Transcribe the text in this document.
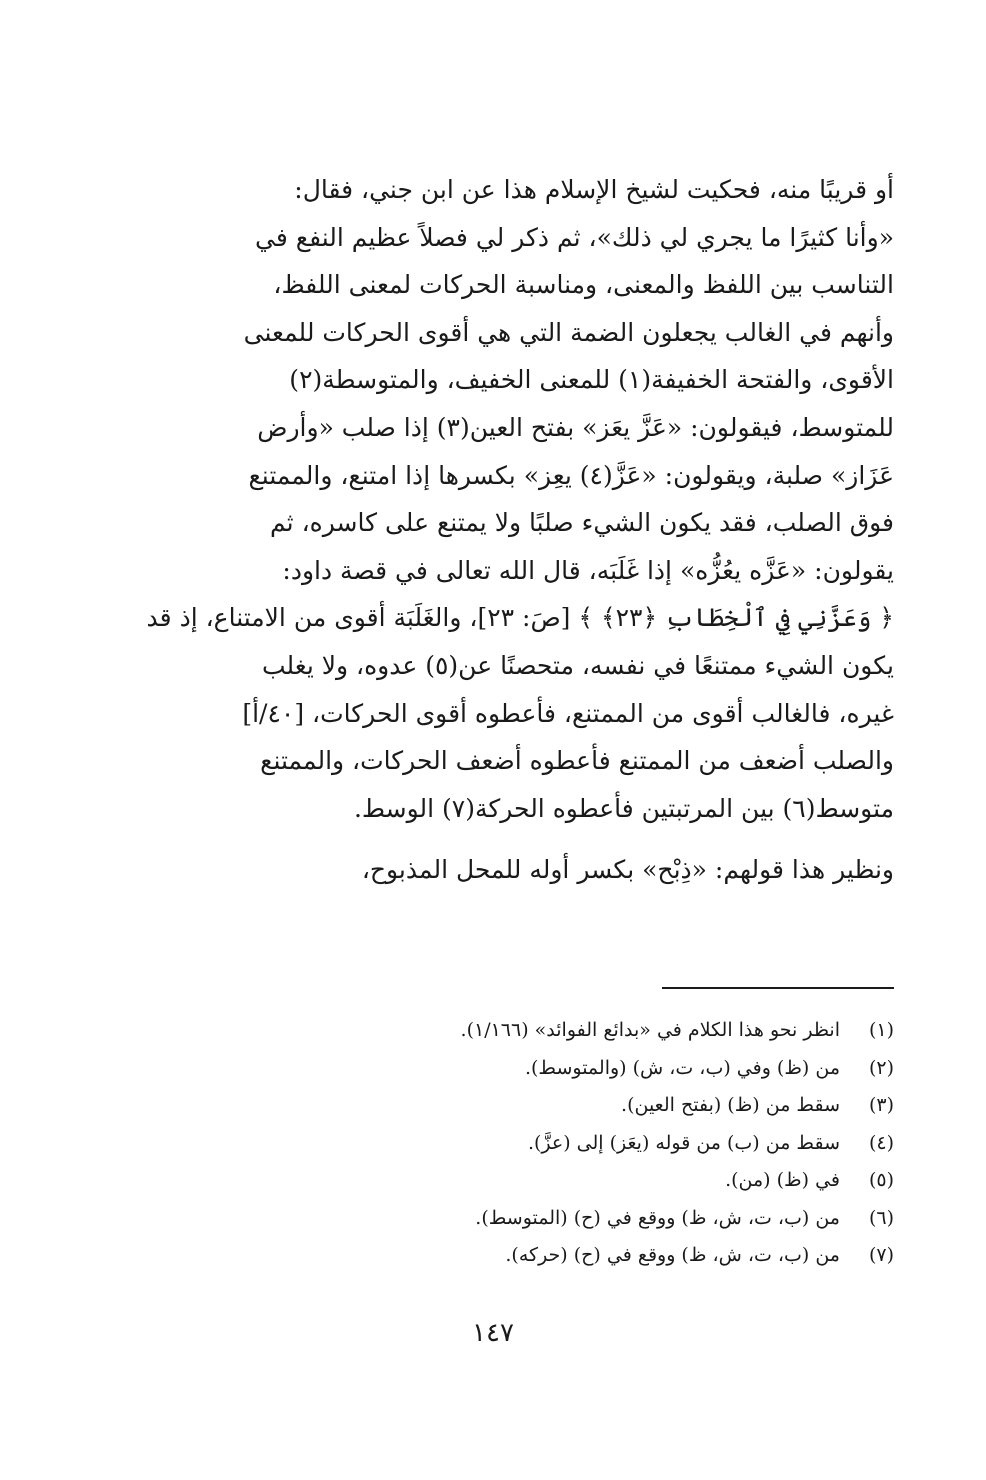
أو قريبًا منه، فحكيت لشيخ الإسلام هذا عن ابن جني، فقال:
«وأنا كثيرًا ما يجري لي ذلك»، ثم ذكر لي فصلاً عظيم النفع في
التناسب بين اللفظ والمعنى، ومناسبة الحركات لمعنى اللفظ،
وأنهم في الغالب يجعلون الضمة التي هي أقوى الحركات للمعنى
الأقوى، والفتحة الخفيفة(١) للمعنى الخفيف، والمتوسطة(٢)
للمتوسط، فيقولون: «عَزَّ يعَز» بفتح العين(٣) إذا صلب «وأرض
عَزَاز» صلبة، ويقولون: «عَزَّ(٤) يعِز» بكسرها إذا امتنع، والممتنع
فوق الصلب، فقد يكون الشيء صلبًا ولا يمتنع على كاسره، ثم
يقولون: «عَزَّه يعُزُّه» إذا غَلَبَه، قال الله تعالى في قصة داود:
﴿ وَعَزَّنِي فِي ٱلْخِطَابِ ﴿٢٣﴾ ﴾ [صَ: ٢٣]، والغَلَبَة أقوى من الامتناع، إذ قد
يكون الشيء ممتنعًا في نفسه، متحصنًا عن(٥) عدوه، ولا يغلب
غيره، فالغالب أقوى من الممتنع، فأعطوه أقوى الحركات، [٤٠/أ]
والصلب أضعف من الممتنع فأعطوه أضعف الحركات، والممتنع
متوسط(٦) بين المرتبتين فأعطوه الحركة(٧) الوسط.
ونظير هذا قولهم: «ذِبْح» بكسر أوله للمحل المذبوح،
(١)انظر نحو هذا الكلام في «بدائع الفوائد» (١/١٦٦).
(٢)من (ظ) وفي (ب، ت، ش) (والمتوسط).
(٣)سقط من (ظ) (بفتح العين).
(٤)سقط من (ب) من قوله (يعَز) إلى (عزَّ).
(٥)في (ظ) (من).
(٦)من (ب، ت، ش، ظ) ووقع في (ح) (المتوسط).
(٧)من (ب، ت، ش، ظ) ووقع في (ح) (حركه).
١٤٧
